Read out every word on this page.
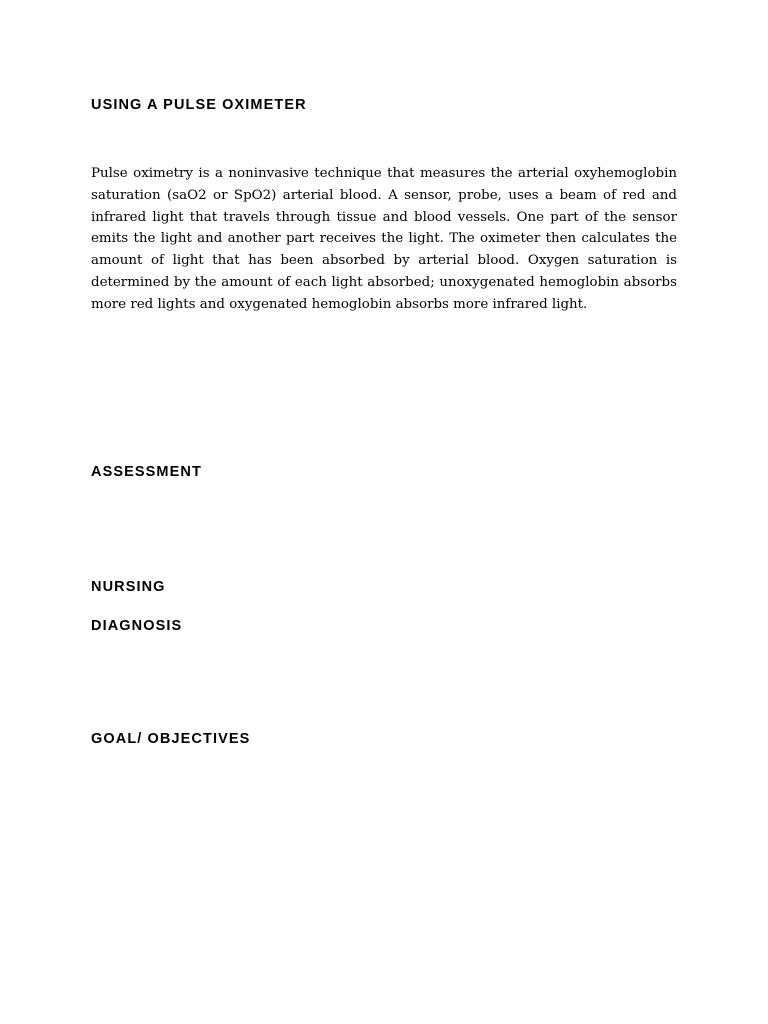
USING A PULSE OXIMETER

Pulse oximetry is a noninvasive technique that measures the arterial oxyhemoglobin saturation (saO2 or SpO2) arterial blood. A sensor, probe, uses a beam of red and infrared light that travels through tissue and blood vessels. One part of the sensor emits the light and another part receives the light. The oximeter then calculates the amount of light that has been absorbed by arterial blood. Oxygen saturation is determined by the amount of each light absorbed; unoxygenated hemoglobin absorbs more red lights and oxygenated hemoglobin absorbs more infrared light.

ASSESSMENT
NURSING
DIAGNOSIS
GOAL/ OBJECTIVES
